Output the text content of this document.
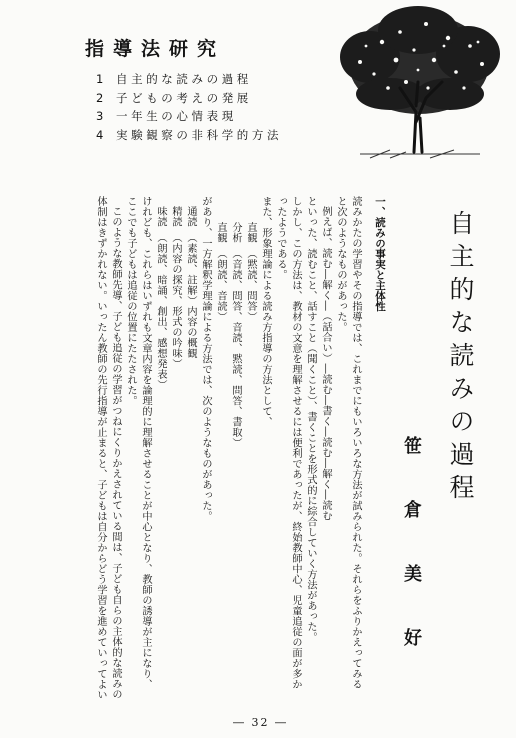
指導法研究
1 自主的な読みの過程
2 子どもの考えの発展
3 一年生の心情表現
4 実験観察の非科学的方法
自主的な読みの過程
笹倉美好
一、読みの事実と主体性
読みかたの学習やその指導では、これまでにもいろいろな方法が試みられた。それらをふりかえってみる
と次のようなものがあった。
例えば、読む―解く―（話合い）―読む―書く―読む―解く―読む
といった、読むこと、話すこと（聞くこと）、書くことを形式的に綜合していく方法があった。
しかし、この方法は、教材の文意を理解させるには便利であったが、終始教師中心、児童追従の面が多か
ったようである。
また、形象理論による読み方指導の方法として、
直観　（黙読、問答）
分析　（音読、問答、音読、黙読、問答、書取）
直観　（朗読、音読）
があり、一方解釈学理論による方法では、次のようなものがあった。
通読　（素読、註解）内容の概観
精読　（内容の探究、形式の吟味）
味読　（朗読、暗誦、創出、感想発表）
けれども、これらはいずれも文章内容を論理的に理解させることが中心となり、教師の誘導が主になり、
ここでも子どもは追従の位置にたたされた。
このような教師先導、子ども追従の学習がつねにくりかえされている間は、子ども自らの主体的な読みの
体制はきずかれない。いったん教師の先行指導が止まると、子どもは自分からどう学習を進めていってよい
― 32 ―
